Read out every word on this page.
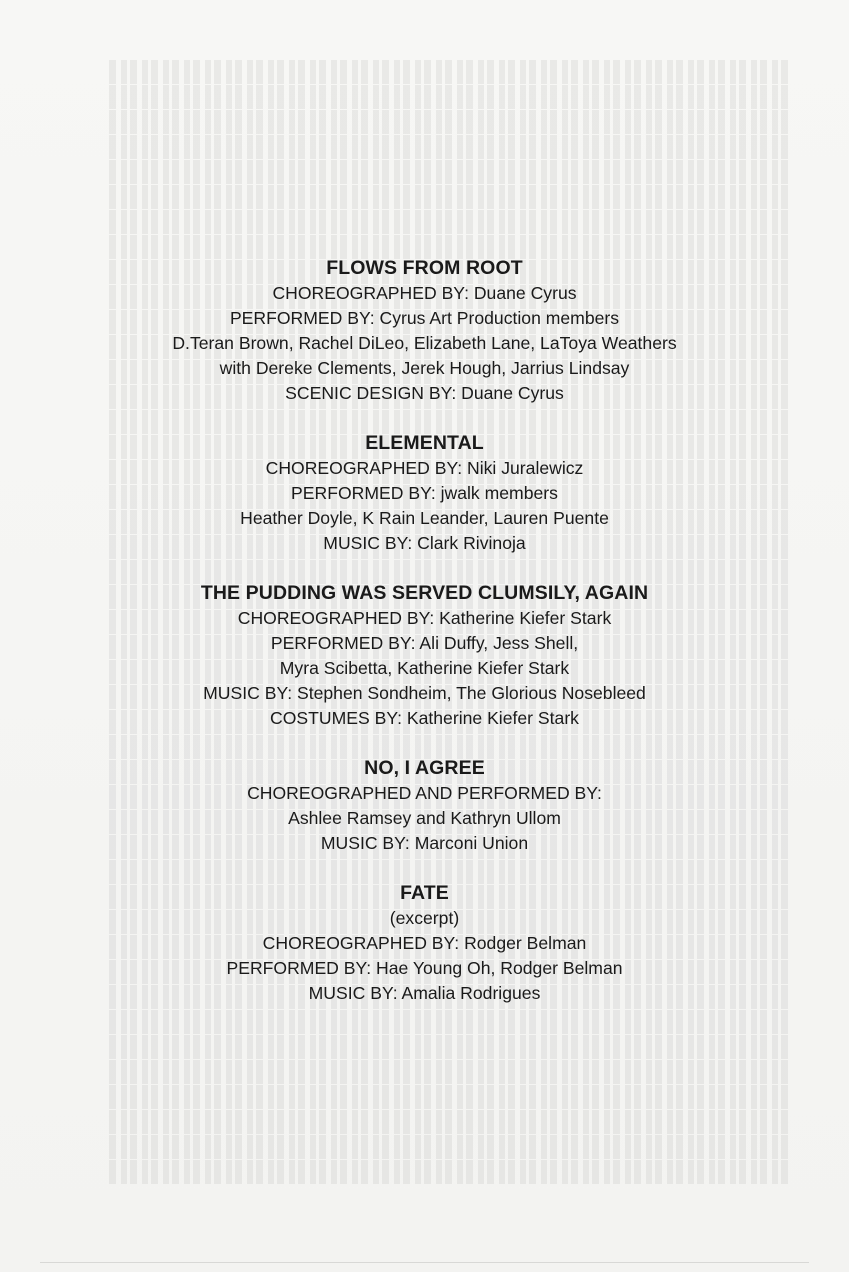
FLOWS FROM ROOT
CHOREOGRAPHED BY: Duane Cyrus
PERFORMED BY: Cyrus Art Production members
D.Teran Brown, Rachel DiLeo, Elizabeth Lane, LaToya Weathers
with Dereke Clements, Jerek Hough, Jarrius Lindsay
SCENIC DESIGN BY: Duane Cyrus
ELEMENTAL
CHOREOGRAPHED BY: Niki Juralewicz
PERFORMED BY: jwalk members
Heather Doyle, K Rain Leander, Lauren Puente
MUSIC BY: Clark Rivinoja
THE PUDDING WAS SERVED CLUMSILY, AGAIN
CHOREOGRAPHED BY: Katherine Kiefer Stark
PERFORMED BY: Ali Duffy, Jess Shell,
Myra Scibetta, Katherine Kiefer Stark
MUSIC BY: Stephen Sondheim, The Glorious Nosebleed
COSTUMES BY: Katherine Kiefer Stark
NO, I AGREE
CHOREOGRAPHED AND PERFORMED BY:
Ashlee Ramsey and Kathryn Ullom
MUSIC BY: Marconi Union
FATE
(excerpt)
CHOREOGRAPHED BY: Rodger Belman
PERFORMED BY: Hae Young Oh, Rodger Belman
MUSIC BY: Amalia Rodrigues
